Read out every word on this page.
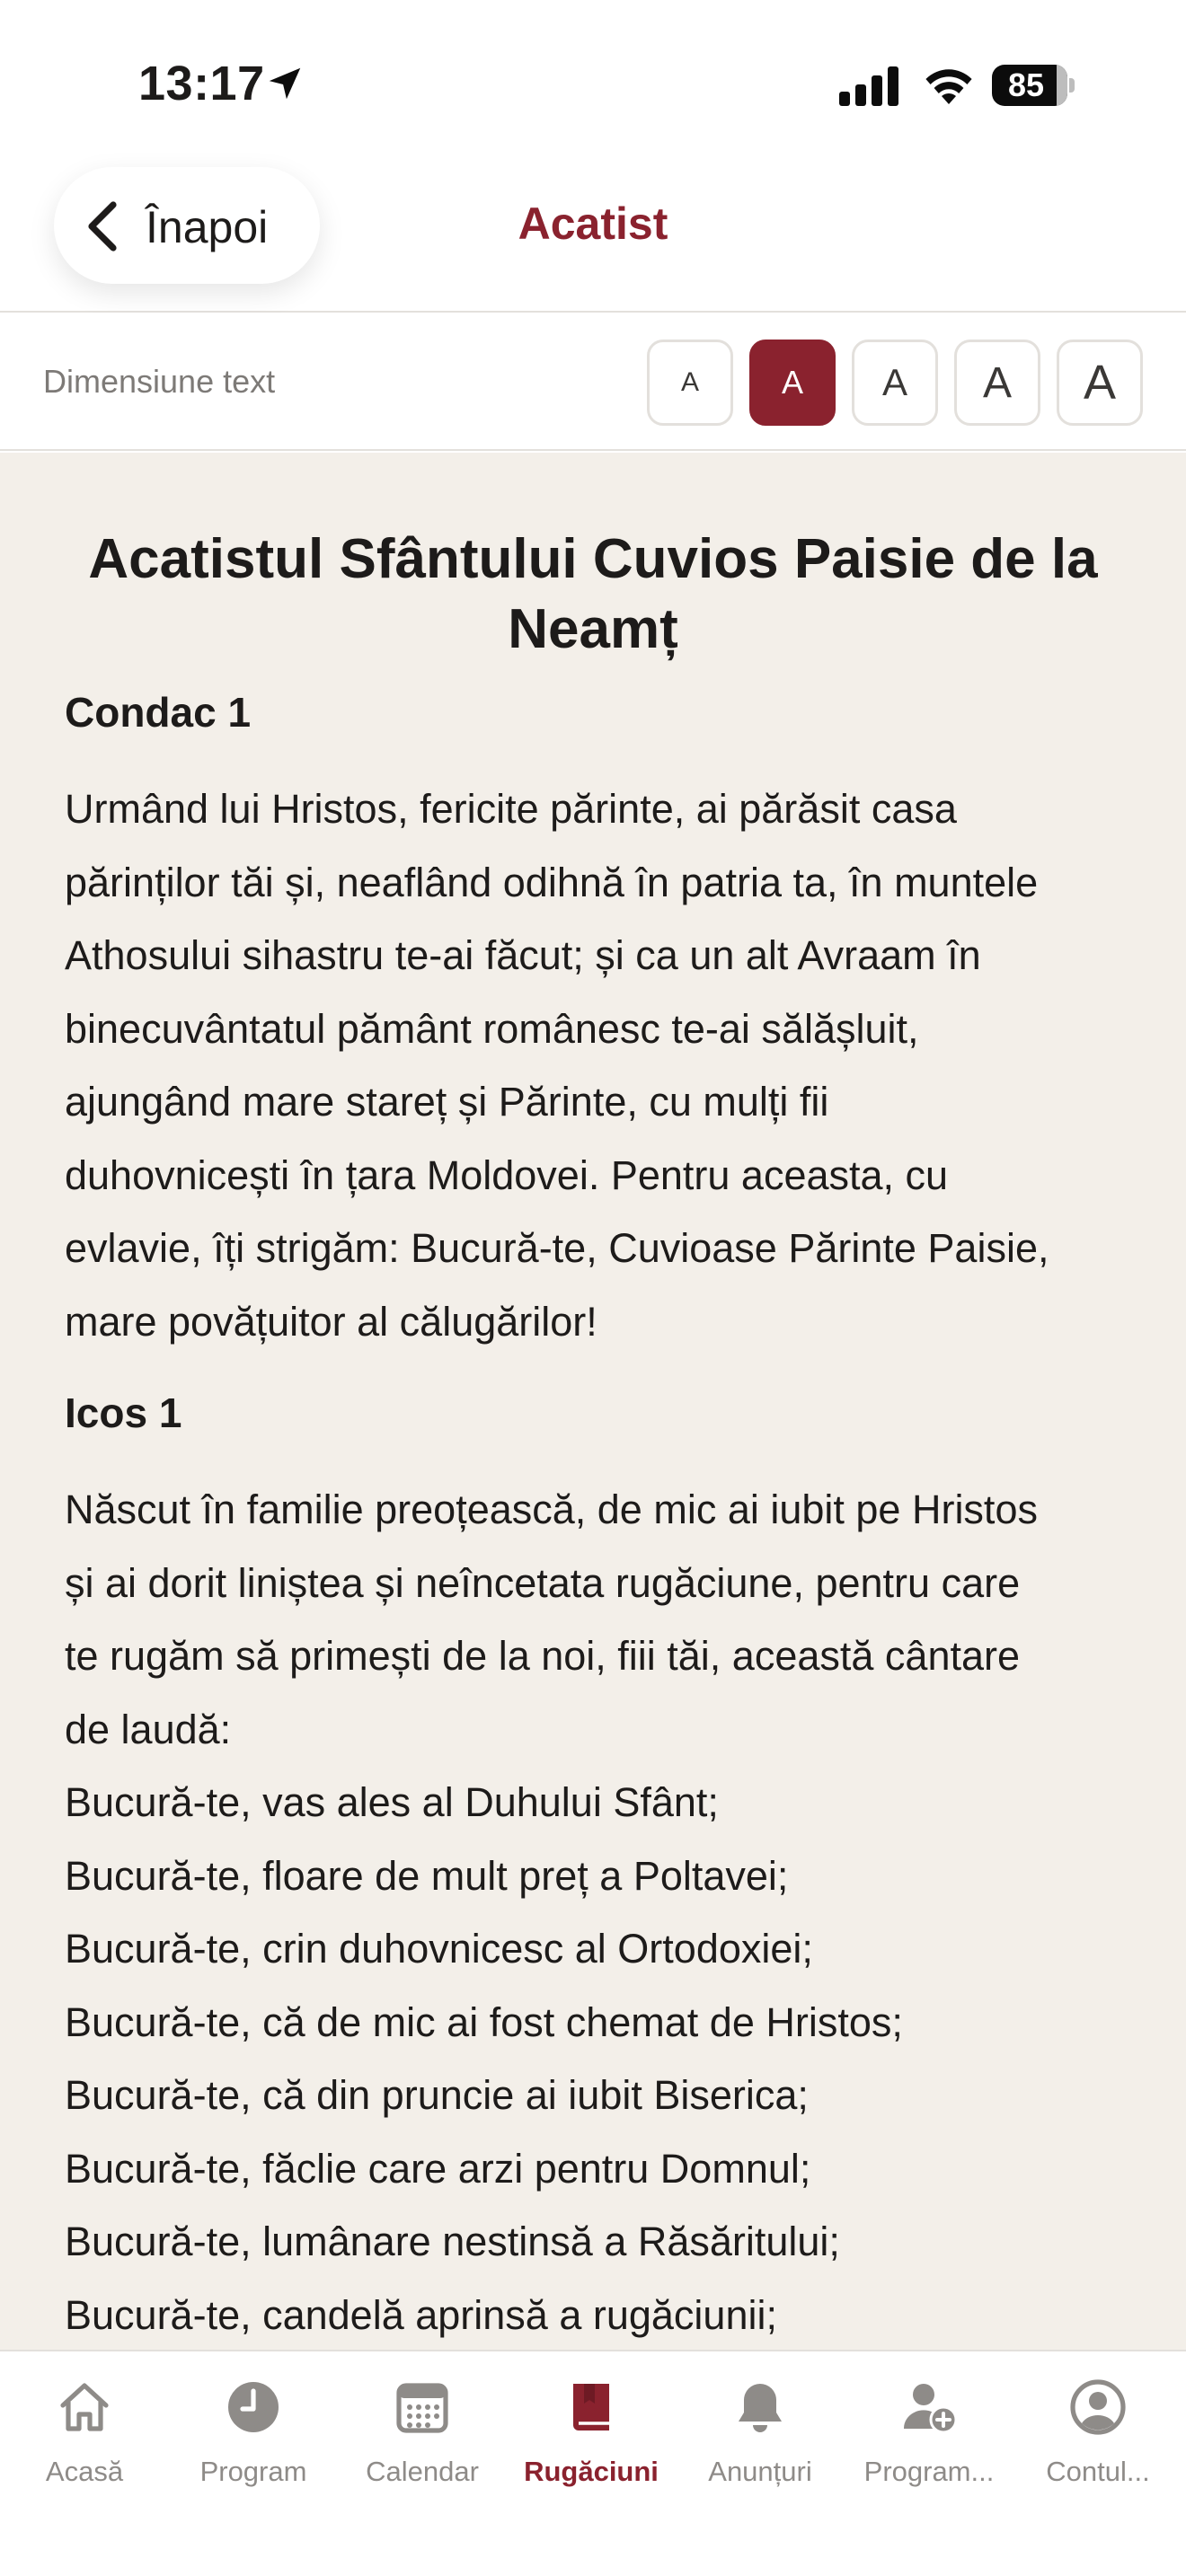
13:17	85
Înapoi	Acatist
Dimensiune text	A	A	A	A	A
Acatistul Sfântului Cuvios Paisie de la Neamț
Condac 1
Urmând lui Hristos, fericite părinte, ai părăsit casa
părinților tăi și, neaflând odihnă în patria ta, în muntele
Athosului sihastru te-ai făcut; și ca un alt Avraam în
binecuvântatul pământ românesc te-ai sălășluit,
ajungând mare stareț și Părinte, cu mulți fii
duhovnicești în țara Moldovei. Pentru aceasta, cu
evlavie, îți strigăm: Bucură-te, Cuvioase Părinte Paisie,
mare povățuitor al călugărilor!
Icos 1
Născut în familie preoțească, de mic ai iubit pe Hristos
și ai dorit liniștea și neîncetata rugăciune, pentru care
te rugăm să primești de la noi, fiii tăi, această cântare
de laudă:
Bucură-te, vas ales al Duhului Sfânt;
Bucură-te, floare de mult preț a Poltavei;
Bucură-te, crin duhovnicesc al Ortodoxiei;
Bucură-te, că de mic ai fost chemat de Hristos;
Bucură-te, că din pruncie ai iubit Biserica;
Bucură-te, făclie care arzi pentru Domnul;
Bucură-te, lumânare nestinsă a Răsăritului;
Bucură-te, candelă aprinsă a rugăciunii;
Acasă	Program	Calendar	Rugăciuni	Anunțuri	Program...	Contul...
